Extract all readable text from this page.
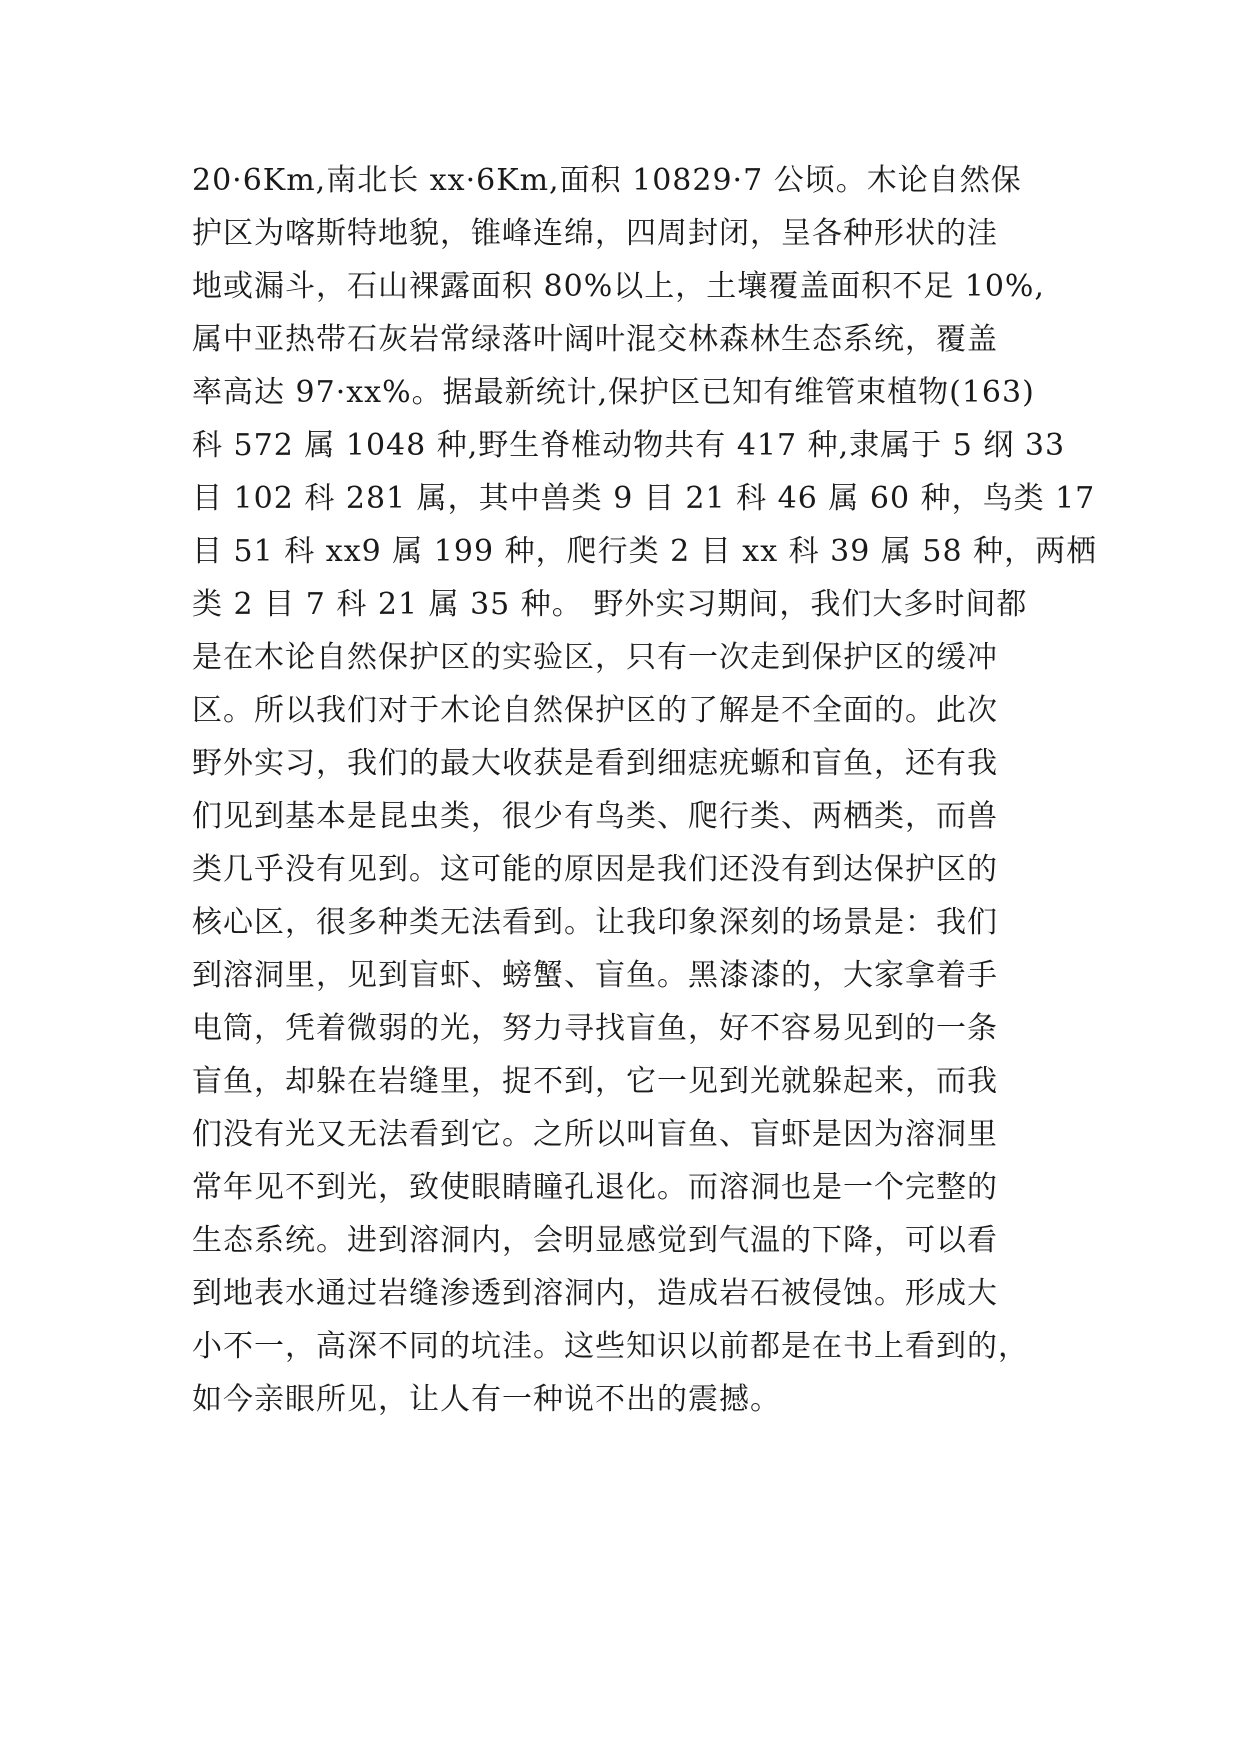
20·6Km,南北长 xx·6Km,面积 10829·7 公顷。木论自然保
护区为喀斯特地貌，锥峰连绵，四周封闭，呈各种形状的洼
地或漏斗，石山裸露面积 80%以上，土壤覆盖面积不足 10%,
属中亚热带石灰岩常绿落叶阔叶混交林森林生态系统，覆盖
率高达 97·xx%。据最新统计,保护区已知有维管束植物(163)
科 572 属 1048 种,野生脊椎动物共有 417 种,隶属于 5 纲 33
目 102 科 281 属，其中兽类 9 目 21 科 46 属 60 种，鸟类 17
目 51 科 xx9 属 199 种，爬行类 2 目 xx 科 39 属 58 种，两栖
类 2 目 7 科 21 属 35 种。 野外实习期间，我们大多时间都
是在木论自然保护区的实验区，只有一次走到保护区的缓冲
区。所以我们对于木论自然保护区的了解是不全面的。此次
野外实习，我们的最大收获是看到细痣疣螈和盲鱼，还有我
们见到基本是昆虫类，很少有鸟类、爬行类、两栖类，而兽
类几乎没有见到。这可能的原因是我们还没有到达保护区的
核心区，很多种类无法看到。让我印象深刻的场景是：我们
到溶洞里，见到盲虾、螃蟹、盲鱼。黑漆漆的，大家拿着手
电筒，凭着微弱的光，努力寻找盲鱼，好不容易见到的一条
盲鱼，却躲在岩缝里，捉不到，它一见到光就躲起来，而我
们没有光又无法看到它。之所以叫盲鱼、盲虾是因为溶洞里
常年见不到光，致使眼睛瞳孔退化。而溶洞也是一个完整的
生态系统。进到溶洞内，会明显感觉到气温的下降，可以看
到地表水通过岩缝渗透到溶洞内，造成岩石被侵蚀。形成大
小不一，高深不同的坑洼。这些知识以前都是在书上看到的，
如今亲眼所见，让人有一种说不出的震撼。
